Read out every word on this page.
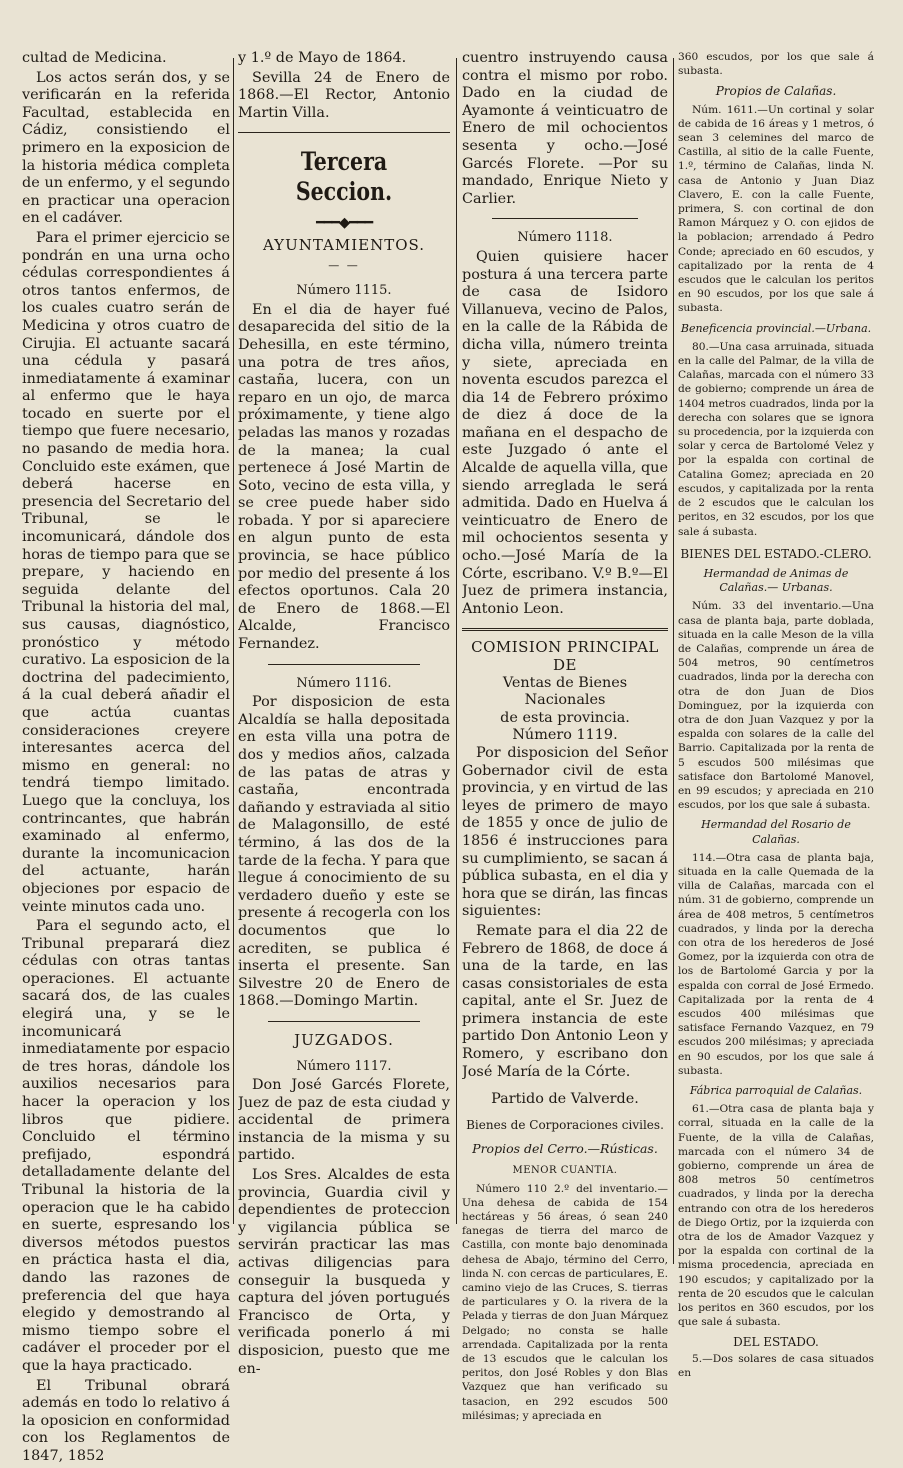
cultad de Medicina.

Los actos serán dos, y se verificarán en la referida Facultad, establecida en Cádiz, consistiendo el primero en la exposicion de la historia médica completa de un enfermo, y el segundo en practicar una operacion en el cadáver.

Para el primer ejercicio se pondrán en una urna ocho cédulas correspondientes á otros tantos enfermos, de los cuales cuatro serán de Medicina y otros cuatro de Cirujia. El actuante sacará una cédula y pasará inmediatamente á examinar al enfermo que le haya tocado en suerte por el tiempo que fuere necesario, no pasando de media hora. Concluido este exámen, que deberá hacerse en presencia del Secretario del Tribunal, se le incomunicará, dándole dos horas de tiempo para que se prepare, y haciendo en seguida delante del Tribunal la historia del mal, sus causas, diagnóstico, pronóstico y método curativo. La esposicion de la doctrina del padecimiento, á la cual deberá añadir el que actúa cuantas consideraciones creyere interesantes acerca del mismo en general: no tendrá tiempo limitado. Luego que la concluya, los contrincantes, que habrán examinado al enfermo, durante la incomunicacion del actuante, harán objeciones por espacio de veinte minutos cada uno.

Para el segundo acto, el Tribunal preparará diez cédulas con otras tantas operaciones. El actuante sacará dos, de las cuales elegirá una, y se le incomunicará inmediatamente por espacio de tres horas, dándole los auxilios necesarios para hacer la operacion y los libros que pidiere. Concluido el término prefijado, espondrá detalladamente delante del Tribunal la historia de la operacion que le ha cabido en suerte, espresando los diversos métodos puestos en práctica hasta el dia, dando las razones de preferencia del que haya elegido y demostrando al mismo tiempo sobre el cadáver el proceder por el que la haya practicado.

El Tribunal obrará además en todo lo relativo á la oposicion en conformidad con los Reglamentos de 1847, 1852

y 1.º de Mayo de 1864.

Sevilla 24 de Enero de 1868.—El Rector, Antonio Martin Villa.

Tercera Seccion.
━━━◆━━━
AYUNTAMIENTOS.
— —
Número 1115.

En el dia de hayer fué desaparecida del sitio de la Dehesilla, en este término, una potra de tres años, castaña, lucera, con un reparo en un ojo, de marca próximamente, y tiene algo peladas las manos y rozadas de la manea; la cual pertenece á José Martin de Soto, vecino de esta villa, y se cree puede haber sido robada. Y por si apareciere en algun punto de esta provincia, se hace público por medio del presente á los efectos oportunos. Cala 20 de Enero de 1868.—El Alcalde, Francisco Fernandez.

Número 1116.

Por disposicion de esta Alcaldía se halla depositada en esta villa una potra de dos y medios años, calzada de las patas de atras y castaña, encontrada dañando y estraviada al sitio de Malagonsillo, de esté término, á las dos de la tarde de la fecha. Y para que llegue á conocimiento de su verdadero dueño y este se presente á recogerla con los documentos que lo acrediten, se publica é inserta el presente. San Silvestre 20 de Enero de 1868.—Domingo Martin.

JUZGADOS.
Número 1117.

Don José Garcés Florete, Juez de paz de esta ciudad y accidental de primera instancia de la misma y su partido.

Los Sres. Alcaldes de esta provincia, Guardia civil y dependientes de proteccion y vigilancia pública se servirán practicar las mas activas diligencias para conseguir la busqueda y captura del jóven portugués Francisco de Orta, y verificada ponerlo á mi disposicion, puesto que me en-

cuentro instruyendo causa contra el mismo por robo. Dado en la ciudad de Ayamonte á veinticuatro de Enero de mil ochocientos sesenta y ocho.—José Garcés Florete. —Por su mandado, Enrique Nieto y Carlier.

Número 1118.

Quien quisiere hacer postura á una tercera parte de casa de Isidoro Villanueva, vecino de Palos, en la calle de la Rábida de dicha villa, número treinta y siete, apreciada en noventa escudos parezca el dia 14 de Febrero próximo de diez á doce de la mañana en el despacho de este Juzgado ó ante el Alcalde de aquella villa, que siendo arreglada le será admitida. Dado en Huelva á veinticuatro de Enero de mil ochocientos sesenta y ocho.—José María de la Córte, escribano. V.º B.º—El Juez de primera instancia, Antonio Leon.

COMISION PRINCIPAL DE
Ventas de Bienes Nacionales
de esta provincia.
Número 1119.

Por disposicion del Señor Gobernador civil de esta provincia, y en virtud de las leyes de primero de mayo de 1855 y once de julio de 1856 é instrucciones para su cumplimiento, se sacan á pública subasta, en el dia y hora que se dirán, las fincas siguientes:

Remate para el dia 22 de Febrero de 1868, de doce á una de la tarde, en las casas consistoriales de esta capital, ante el Sr. Juez de primera instancia de este partido Don Antonio Leon y Romero, y escribano don José María de la Córte.

Partido de Valverde.
Bienes de Corporaciones civiles.
Propios del Cerro.—Rústicas.
MENOR CUANTIA.

Número 110 2.º del inventario.—Una dehesa de cabida de 154 hectáreas y 56 áreas, ó sean 240 fanegas de tierra del marco de Castilla, con monte bajo denominada dehesa de Abajo, término del Cerro, linda N. con cercas de particulares, E. camino viejo de las Cruces, S. tierras de particulares y O. la rivera de la Pelada y tierras de don Juan Márquez Delgado; no consta se halle arrendada. Capitalizada por la renta de 13 escudos que le calculan los peritos, don José Robles y don Blas Vazquez que han verificado su tasacion, en 292 escudos 500 milésimas; y apreciada en

360 escudos, por los que sale á subasta.

Propios de Calañas.

Núm. 1611.—Un cortinal y solar de cabida de 16 áreas y 1 metros, ó sean 3 celemines del marco de Castilla, al sitio de la calle Fuente, 1.º, término de Calañas, linda N. casa de Antonio y Juan Diaz Clavero, E. con la calle Fuente, primera, S. con cortinal de don Ramon Márquez y O. con ejidos de la poblacion; arrendado á Pedro Conde; apreciado en 60 escudos, y capitalizado por la renta de 4 escudos que le calculan los peritos en 90 escudos, por los que sale á subasta.

Beneficencia provincial.—Urbana.

80.—Una casa arruinada, situada en la calle del Palmar, de la villa de Calañas, marcada con el número 33 de gobierno; comprende un área de 1404 metros cuadrados, linda por la derecha con solares que se ignora su procedencia, por la izquierda con solar y cerca de Bartolomé Velez y por la espalda con cortinal de Catalina Gomez; apreciada en 20 escudos, y capitalizada por la renta de 2 escudos que le calculan los peritos, en 32 escudos, por los que sale á subasta.

BIENES DEL ESTADO.-CLERO.
Hermandad de Animas de Calañas.— Urbanas.

Núm. 33 del inventario.—Una casa de planta baja, parte doblada, situada en la calle Meson de la villa de Calañas, comprende un área de 504 metros, 90 centímetros cuadrados, linda por la derecha con otra de don Juan de Dios Dominguez, por la izquierda con otra de don Juan Vazquez y por la espalda con solares de la calle del Barrio. Capitalizada por la renta de 5 escudos 500 milésimas que satisface don Bartolomé Manovel, en 99 escudos; y apreciada en 210 escudos, por los que sale á subasta.

Hermandad del Rosario de Calañas.

114.—Otra casa de planta baja, situada en la calle Quemada de la villa de Calañas, marcada con el núm. 31 de gobierno, comprende un área de 408 metros, 5 centímetros cuadrados, y linda por la derecha con otra de los herederos de José Gomez, por la izquierda con otra de los de Bartolomé Garcia y por la espalda con corral de José Ermedo. Capitalizada por la renta de 4 escudos 400 milésimas que satisface Fernando Vazquez, en 79 escudos 200 milésimas; y apreciada en 90 escudos, por los que sale á subasta.

Fábrica parroquial de Calañas.

61.—Otra casa de planta baja y corral, situada en la calle de la Fuente, de la villa de Calañas, marcada con el número 34 de gobierno, comprende un área de 808 metros 50 centímetros cuadrados, y linda por la derecha entrando con otra de los herederos de Diego Ortiz, por la izquierda con otra de los de Amador Vazquez y por la espalda con cortinal de la misma procedencia, apreciada en 190 escudos; y capitalizado por la renta de 20 escudos que le calculan los peritos en 360 escudos, por los que sale á subasta.

DEL ESTADO.

5.—Dos solares de casa situados en
